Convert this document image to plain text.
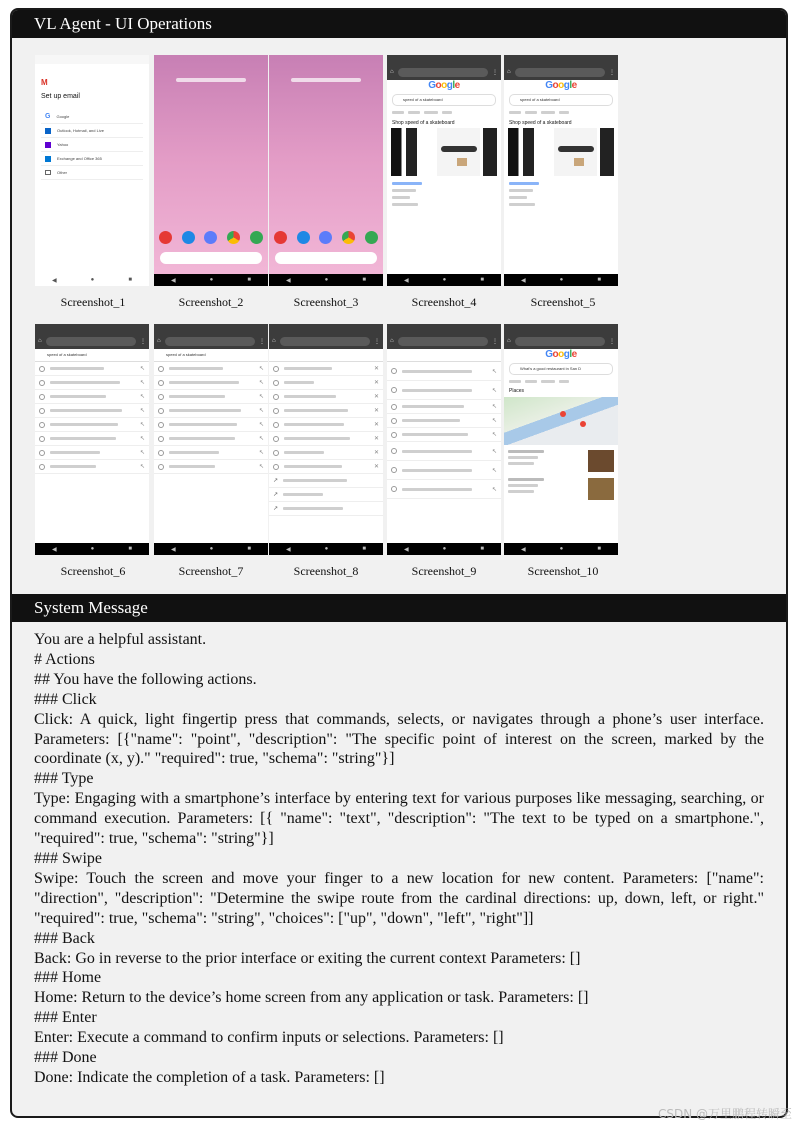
VL Agent - UI Operations
M
Set up email
G Google
Outlook, Hotmail, and Live
Yahoo
Exchange and Office 365
Other
◀	●	■	◀	●	■	◀	●	■
⌂	⋮
Google
speed of a skateboard
Shop speed of a skateboard
◀	●	■
⌂	⋮
Google
speed of a skateboard
Shop speed of a skateboard
◀	●	■
Screenshot_1	Screenshot_2	Screenshot_3	Screenshot_4	Screenshot_5
⌂	⋮
speed of a skateboard
↖
↖
↖
↖
↖
↖
↖
↖
◀	●	■
⌂	⋮
speed of a skateboard
↖
↖
↖
↖
↖
↖
↖
↖
◀	●	■
⌂	⋮
✕
✕
✕
✕
✕
✕
✕
✕
↗
↗
↗
◀	●	■
⌂	⋮
↖
↖
↖
↖
↖
↖
↖
↖
◀	●	■
⌂	⋮
Google
What's a good restaurant in San D
Places
◀	●	■
Screenshot_6	Screenshot_7	Screenshot_8	Screenshot_9	Screenshot_10
System Message
You are a helpful assistant.
# Actions
## You have the following actions.
### Click
Click: A quick, light fingertip press that commands, selects, or navigates through a phone’s user interface. Parameters: [{"name": "point", "description": "The specific point of interest on the screen, marked by the coordinate (x, y)." "required": true, "schema": "string"}]
### Type
Type: Engaging with a smartphone’s interface by entering text for various purposes like messaging, searching, or command execution. Parameters: [{ "name": "text", "description": "The text to be typed on a smartphone.", "required": true, "schema": "string"}]
### Swipe
Swipe: Touch the screen and move your finger to a new location for new content. Parameters: ["name": "direction", "description": "Determine the swipe route from the cardinal directions: up, down, left, or right." "required": true, "schema": "string", "choices": ["up", "down", "left", "right"]]
### Back
Back: Go in reverse to the prior interface or exiting the current context Parameters: []
### Home
Home: Return to the device’s home screen from any application or task. Parameters: []
### Enter
Enter: Execute a command to confirm inputs or selections. Parameters: []
### Done
Done: Indicate the completion of a task. Parameters: []
CSDN @万里鹏程转瞬至
